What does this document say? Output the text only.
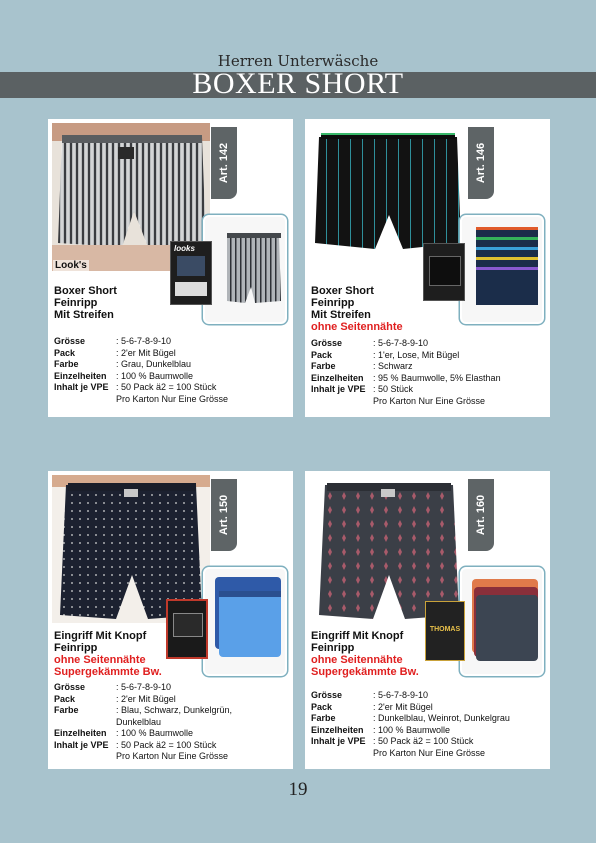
Herren Unterwäsche
BOXER SHORT
Look's
Art. 142
looks
Boxer Short
Feinripp
Mit Streifen
Grösse	: 5-6-7-8-9-10
Pack	: 2'er Mit Bügel
Farbe	: Grau, Dunkelblau
Einzelheiten	: 100 % Baumwolle
Inhalt je VPE : 50 Pack ä2 = 100 Stück
Pro Karton Nur Eine Grösse
Art. 146
Boxer Short
Feinripp
Mit Streifen
ohne Seitennähte
Grösse	: 5-6-7-8-9-10
Pack	: 1'er, Lose, Mit Bügel
Farbe	: Schwarz
Einzelheiten	: 95 % Baumwolle, 5% Elasthan
Inhalt je VPE : 50 Stück
Pro Karton Nur Eine Grösse
Art. 150
Eingriff Mit Knopf
Feinripp
ohne Seitennähte
Supergekämmte Bw.
Grösse	: 5-6-7-8-9-10
Pack	: 2'er Mit Bügel
Farbe	: Blau, Schwarz, Dunkelgrün,
Dunkelblau
Einzelheiten	: 100 % Baumwolle
Inhalt je VPE : 50 Pack ä2 = 100 Stück
Pro Karton Nur Eine Grösse
Art. 160
THOMAS
Eingriff Mit Knopf
Feinripp
ohne Seitennähte
Supergekämmte Bw.
Grösse	: 5-6-7-8-9-10
Pack	: 2'er Mit Bügel
Farbe	: Dunkelblau, Weinrot, Dunkelgrau
Einzelheiten	: 100 % Baumwolle
Inhalt je VPE : 50 Pack ä2 = 100 Stück
Pro Karton Nur Eine Grösse
19
